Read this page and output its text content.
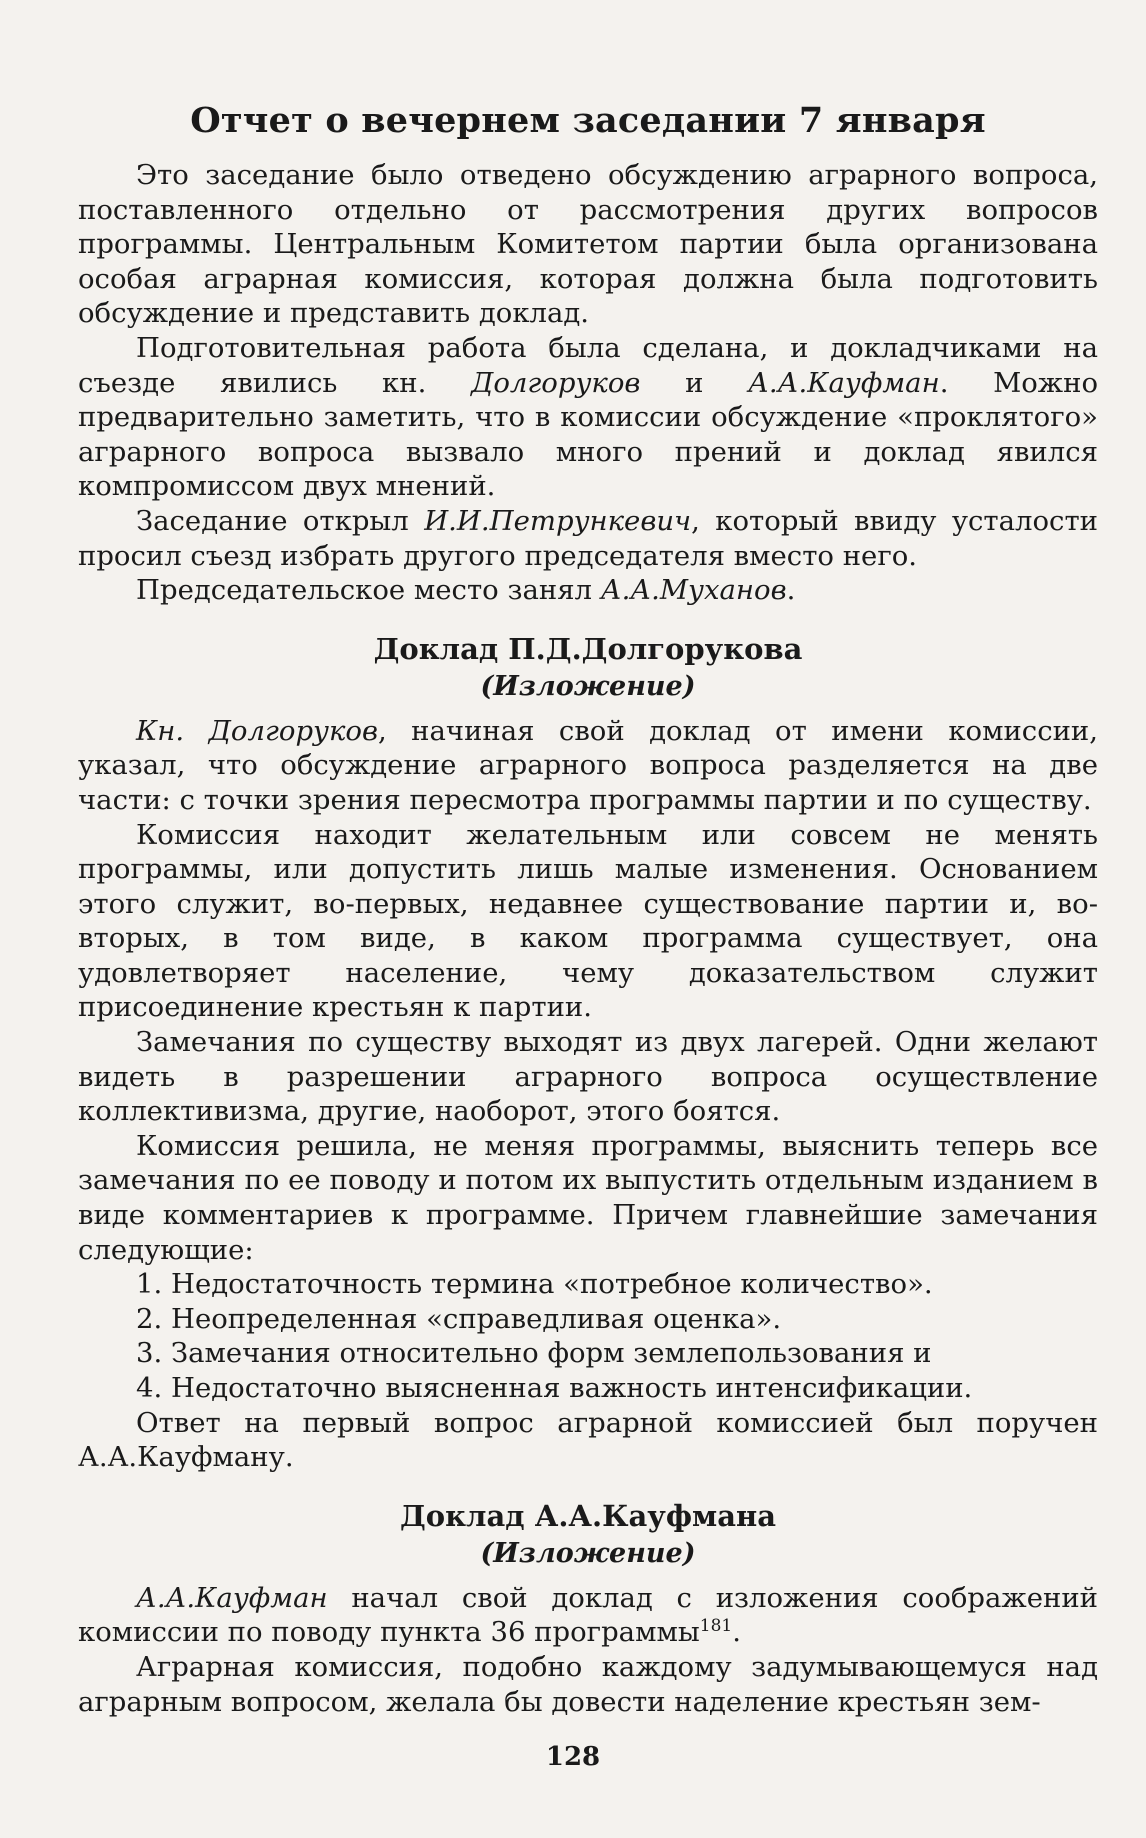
Отчет о вечернем заседании 7 января

Это заседание было отведено обсуждению аграрного вопроса, поставленного отдельно от рассмотрения других вопросов программы. Центральным Комитетом партии была организована особая аграрная комиссия, которая должна была подготовить обсуждение и представить доклад.

Подготовительная работа была сделана, и докладчиками на съезде явились кн. Долгоруков и А.А.Кауфман. Можно предварительно заметить, что в комиссии обсуждение «проклятого» аграрного вопроса вызвало много прений и доклад явился компромиссом двух мнений.

Заседание открыл И.И.Петрункевич, который ввиду усталости просил съезд избрать другого председателя вместо него.

Председательское место занял А.А.Муханов.

Доклад П.Д.Долгорукова
(Изложение)

Кн. Долгоруков, начиная свой доклад от имени комиссии, указал, что обсуждение аграрного вопроса разделяется на две части: с точки зрения пересмотра программы партии и по существу.

Комиссия находит желательным или совсем не менять программы, или допустить лишь малые изменения. Основанием этого служит, во-первых, недавнее существование партии и, во-вторых, в том виде, в каком программа существует, она удовлетворяет население, чему доказательством служит присоединение крестьян к партии.

Замечания по существу выходят из двух лагерей. Одни желают видеть в разрешении аграрного вопроса осуществление коллективизма, другие, наоборот, этого боятся.

Комиссия решила, не меняя программы, выяснить теперь все замечания по ее поводу и потом их выпустить отдельным изданием в виде комментариев к программе. Причем главнейшие замечания следующие:

1. Недостаточность термина «потребное количество».

2. Неопределенная «справедливая оценка».

3. Замечания относительно форм землепользования и

4. Недостаточно выясненная важность интенсификации.

Ответ на первый вопрос аграрной комиссией был поручен А.А.Кауфману.

Доклад А.А.Кауфмана
(Изложение)

А.А.Кауфман начал свой доклад с изложения соображений комиссии по поводу пункта 36 программы$^{181}$.

Аграрная комиссия, подобно каждому задумывающемуся над аграрным вопросом, желала бы довести наделение крестьян зем-

128
